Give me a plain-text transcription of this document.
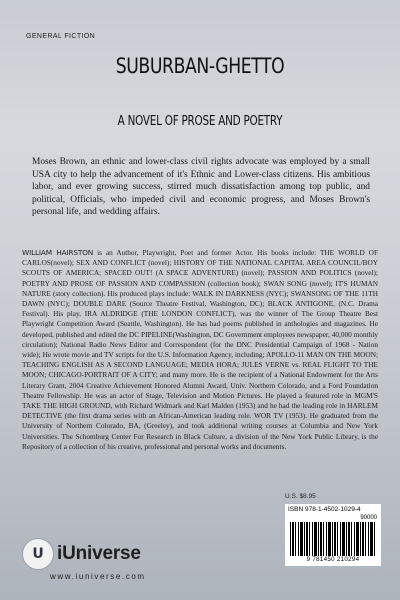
GENERAL FICTION
SUBURBAN-GHETTO
A NOVEL OF PROSE AND POETRY

Moses Brown, an ethnic and lower-class civil rights advocate was employed by a small USA city to help the advancement of it's Ethnic and Lower-class citizens. His ambitious labor, and ever growing success, stirred much dissatisfaction among top public, and political, Officials, who impeded civil and economic progress, and Moses Brown's personal life, and wedding affairs.

WILLIAM HAIRSTON is an Author, Playwright, Poet and former Actor. His books include: THE WORLD OF CARLOS(novel); SEX AND CONFLICT (novel); HISTORY OF THE NATIONAL CAPITAL AREA COUNCIL/BOY SCOUTS OF AMERICA; SPACED OUT! (A SPACE ADVENTURE) (novel); PASSION AND POLITICS (novel); POETRY AND PROSE OF PASSION AND COMPASSION (collection book); SWAN SONG (novel); IT'S HUMAN NATURE (story collection). His produced plays include: WALK IN DARKNESS (NYC); SWANSONG OF THE 11TH DAWN (NYC); DOUBLE DARE (Source Theatre Festival, Washington, DC); BLACK ANTIGONE, (N.C. Drama Festival). His play, IRA ALDRIDGE (THE LONDON CONFLICT), was the winner of The Group Theatre Best Playwright Competition Award (Seattle, Washington). He has had poems published in anthologies and magazines. He developed, published and edited the DC PIPELINE(Washington, DC Government employees newspaper, 40,000 monthly circulation); National Radio News Editor and Correspondent (for the DNC Presidential Campaign of 1968 - Nation wide); He wrote movie and TV scripts for the U.S. Information Agency, including; APOLLO-11 MAN ON THE MOON; TEACHING ENGLISH AS A SECOND LANGUAGE; MEDIA HORA; JULES VERNE vs. REAL FLIGHT TO THE MOON; CHICAGO-PORTRAIT OF A CITY; and many more. He is the recipient of a National Endowment for the Arts Literary Grant, 2004 Creative Achievement Honored Alumni Award, Univ. Northern Colorado, and a Ford Foundation Theatre Fellowship. He was an actor of Stage, Television and Motion Pictures. He played a featured role in MGM'S TAKE THE HIGH GROUND, with Richard Widmark and Karl Malden (1953) and he had the leading role in HARLEM DETECTIVE (the first drama series with an African-American leading role. WOR TV (1953). He graduated from the University of Northern Colorado, BA, (Greeley), and took additional writing courses at Columbia and New York Universities. The Schomburg Center For Research in Black Culture, a division of the New York Public Library, is the Repository of a collection of his creative, professional and personal works and documents.

U.S. $8.95
ISBN 978-1-4502-1029-4
90000
9 781450 210294
U iUniverse
www.iuniverse.com
